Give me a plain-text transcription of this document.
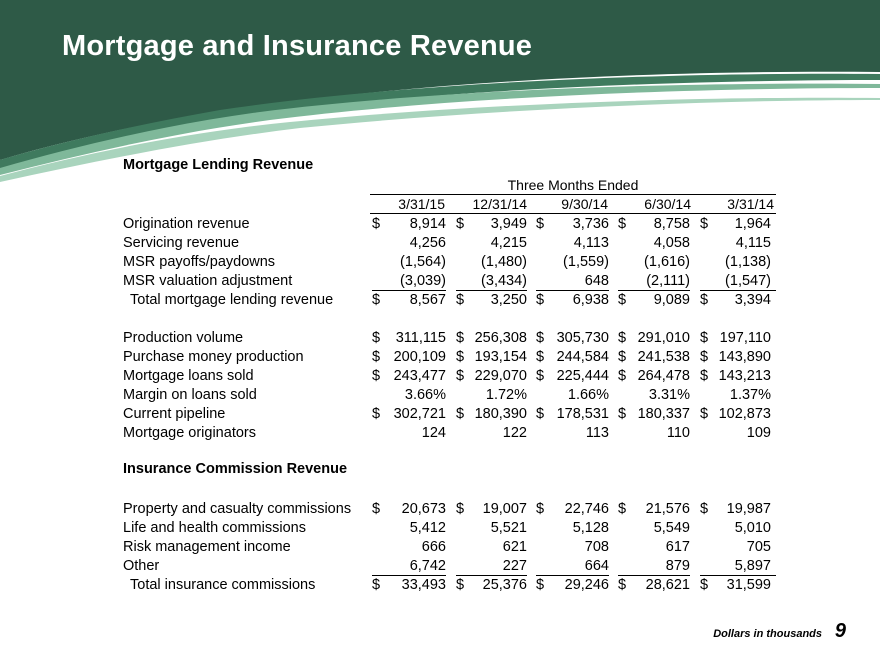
Mortgage and Insurance Revenue
Mortgage Lending Revenue
Three Months Ended
3/31/15 12/31/14 9/30/14	6/30/14	3/31/14
Origination revenue	$ 8,914 $ 3,949 $ 3,736 $ 8,758 $ 1,964
Servicing revenue	4,256	4,215	4,113	4,058	4,115
MSR payoffs/paydowns	(1,564) (1,480) (1,559) (1,616) (1,138)
MSR valuation adjustment	(3,039) (3,434)	648	(2,111) (1,547)
Total mortgage lending revenue	$ 8,567 $ 3,250 $ 6,938 $ 9,089 $ 3,394
Production volume	$ 311,115 $ 256,308 $ 305,730 $ 291,010 $ 197,110
Purchase money production	$ 200,109 $ 193,154 $ 244,584 $ 241,538 $ 143,890
Mortgage loans sold	$ 243,477 $ 229,070 $ 225,444 $ 264,478 $ 143,213
Margin on loans sold	3.66%	1.72%	1.66%	3.31%	1.37%
Current pipeline	$ 302,721 $ 180,390 $ 178,531 $ 180,337 $ 102,873
Mortgage originators	124	122	113	110	109
Property and casualty commissions $ 20,673 $ 19,007 $ 22,746 $ 21,576 $ 19,987
Life and health commissions	5,412	5,521	5,128	5,549	5,010
Risk management income	666	621	708	617	705
Other	6,742	227	664	879	5,897
Total insurance commissions	$ 33,493 $ 25,376 $ 29,246 $ 28,621 $ 31,599
Insurance Commission Revenue
Dollars in thousands 9
